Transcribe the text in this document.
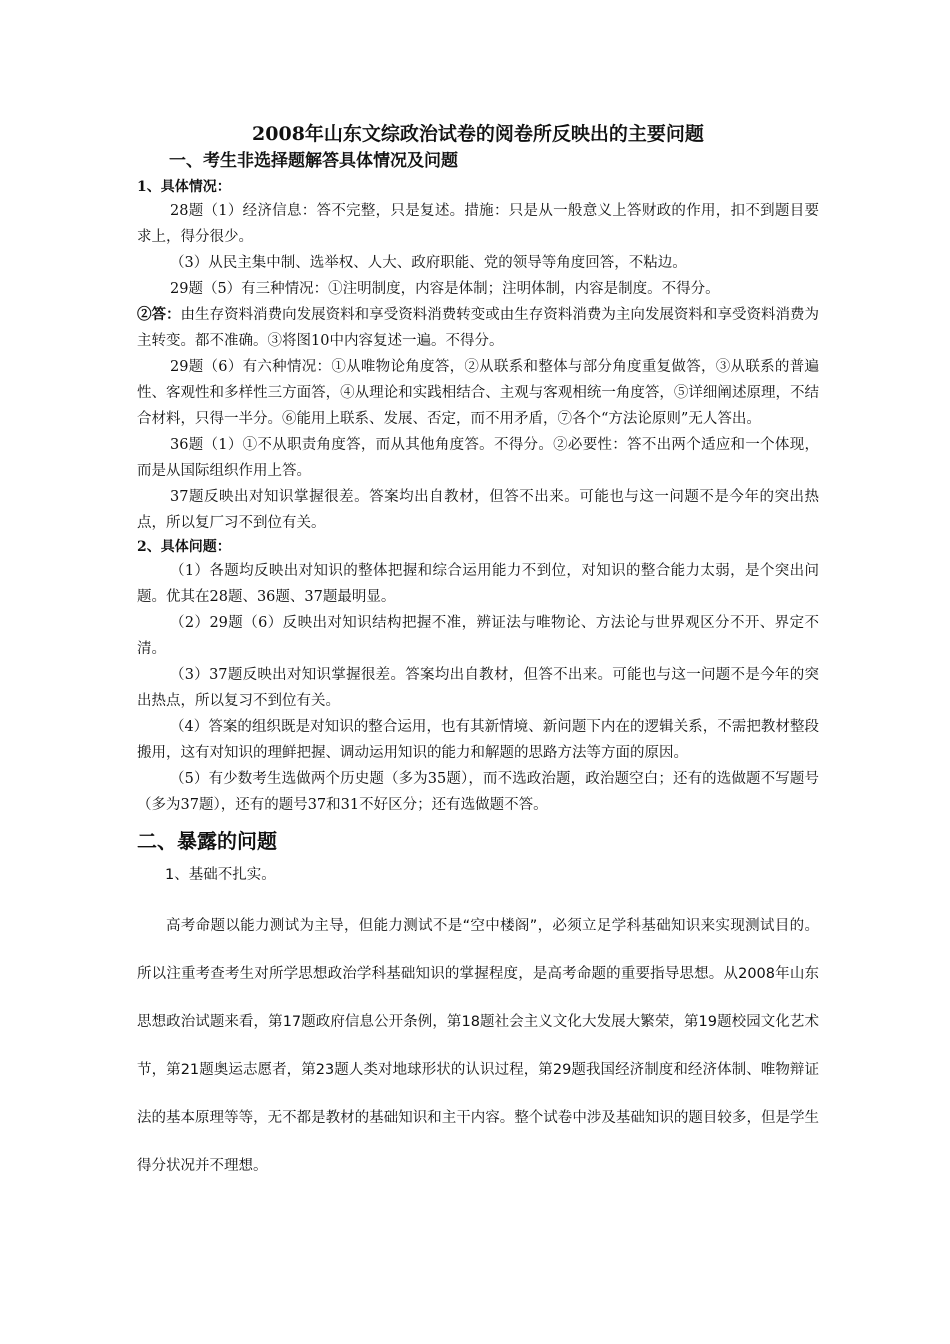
2008年山东文综政治试卷的阅卷所反映出的主要问题
一、考生非选择题解答具体情况及问题
1、具体情况：

28题（1）经济信息：答不完整，只是复述。措施：只是从一般意义上答财政的作用，扣不到题目要求上，得分很少。

（3）从民主集中制、选举权、人大、政府职能、党的领导等角度回答，不粘边。

29题（5）有三种情况：①注明制度，内容是体制；注明体制，内容是制度。不得分。

②答：由生存资料消费向发展资料和享受资料消费转变或由生存资料消费为主向发展资料和享受资料消费为主转变。都不准确。③将图10中内容复述一遍。不得分。

29题（6）有六种情况：①从唯物论角度答，②从联系和整体与部分角度重复做答，③从联系的普遍性、客观性和多样性三方面答，④从理论和实践相结合、主观与客观相统一角度答，⑤详细阐述原理，不结合材料，只得一半分。⑥能用上联系、发展、否定，而不用矛盾，⑦各个“方法论原则”无人答出。

36题（1）①不从职责角度答，而从其他角度答。不得分。②必要性：答不出两个适应和一个体现，而是从国际组织作用上答。

37题反映出对知识掌握很差。答案均出自教材，但答不出来。可能也与这一问题不是今年的突出热点，所以复厂习不到位有关。

2、具体问题：

（1）各题均反映出对知识的整体把握和综合运用能力不到位，对知识的整合能力太弱，是个突出问题。优其在28题、36题、37题最明显。

（2）29题（6）反映出对知识结构把握不准，辨证法与唯物论、方法论与世界观区分不开、界定不清。

（3）37题反映出对知识掌握很差。答案均出自教材，但答不出来。可能也与这一问题不是今年的突出热点，所以复习不到位有关。

（4）答案的组织既是对知识的整合运用，也有其新情境、新问题下内在的逻辑关系，不需把教材整段搬用，这有对知识的理鲜把握、调动运用知识的能力和解题的思路方法等方面的原因。

（5）有少数考生选做两个历史题（多为35题），而不选政治题，政治题空白；还有的选做题不写题号（多为37题），还有的题号37和31不好区分；还有选做题不答。

二、暴露的问题

1、基础不扎实。

高考命题以能力测试为主导，但能力测试不是“空中楼阁”，必须立足学科基础知识来实现测试目的。所以注重考查考生对所学思想政治学科基础知识的掌握程度，是高考命题的重要指导思想。从2008年山东思想政治试题来看，第17题政府信息公开条例，第18题社会主义文化大发展大繁荣，第19题校园文化艺术节，第21题奥运志愿者，第23题人类对地球形状的认识过程，第29题我国经济制度和经济体制、唯物辩证法的基本原理等等，无不都是教材的基础知识和主干内容。整个试卷中涉及基础知识的题目较多，但是学生得分状况并不理想。
